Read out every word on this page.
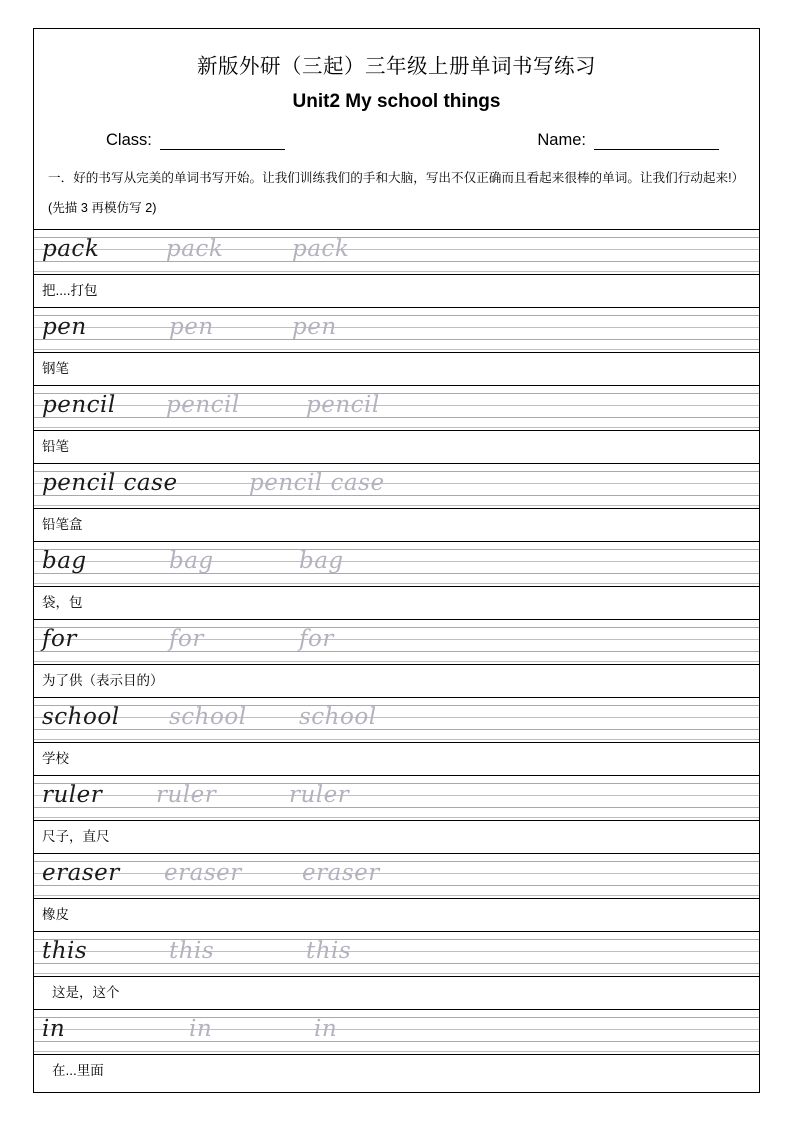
新版外研（三起）三年级上册单词书写练习
Unit2 My school things
Class:	Name:
一．好的书写从完美的单词书写开始。让我们训练我们的手和大脑，写出不仅正确而且看起来很棒的单词。让我们行动起来!）(先描 3 再模仿写 2)
pack	pack	pack
把....打包
pen	pen	pen
钢笔
pencil pencil	pencil
铅笔
pencil case	pencil case
铅笔盒
bag	bag	bag
袋，包
for	for	for
为了供（表示目的）
school school school
学校
ruler ruler	ruler
尺子，直尺
eraser eraser	eraser
橡皮
this	this	this
这是，这个
in	in	in
在...里面
